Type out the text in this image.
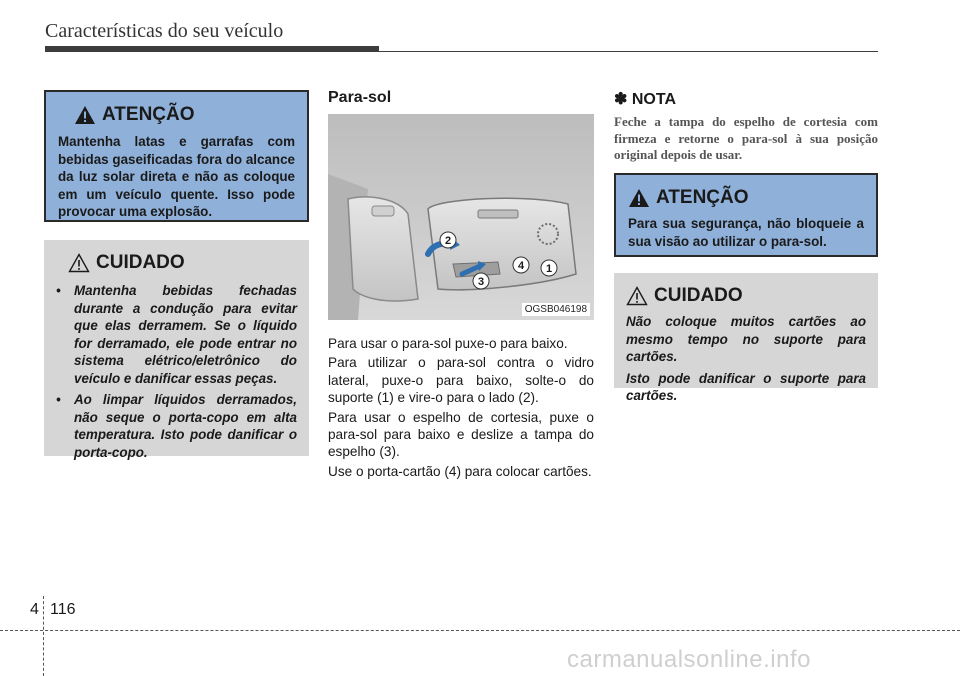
Características do seu veículo
ATENÇÃO
Mantenha latas e garrafas com bebidas gaseificadas fora do alcance da luz solar direta e não as coloque em um veículo quente. Isso pode provocar uma explosão.
CUIDADO
• Mantenha bebidas fechadas durante a condução para evitar que elas derramem. Se o líquido for derramado, ele pode entrar no sistema elétrico/eletrônico do veículo e danificar essas peças.
• Ao limpar líquidos derramados, não seque o porta-copo em alta temperatura. Isto pode danificar o porta-copo.
Para-sol
1
2
3
4
OGSB046198

Para usar o para-sol puxe-o para baixo.

Para utilizar o para-sol contra o vidro lateral, puxe-o para baixo, solte-o do suporte (1) e vire-o para o lado (2).

Para usar o espelho de cortesia, puxe o para-sol para baixo e deslize a tampa do espelho (3).

Use o porta-cartão (4) para colocar cartões.

✽ NOTA
Feche a tampa do espelho de cortesia com firmeza e retorne o para-sol à sua posição original depois de usar.
ATENÇÃO
Para sua segurança, não bloqueie a sua visão ao utilizar o para-sol.
CUIDADO
Não coloque muitos cartões ao mesmo tempo no suporte para cartões.
Isto pode danificar o suporte para cartões.
4 116
carmanualsonline.info
